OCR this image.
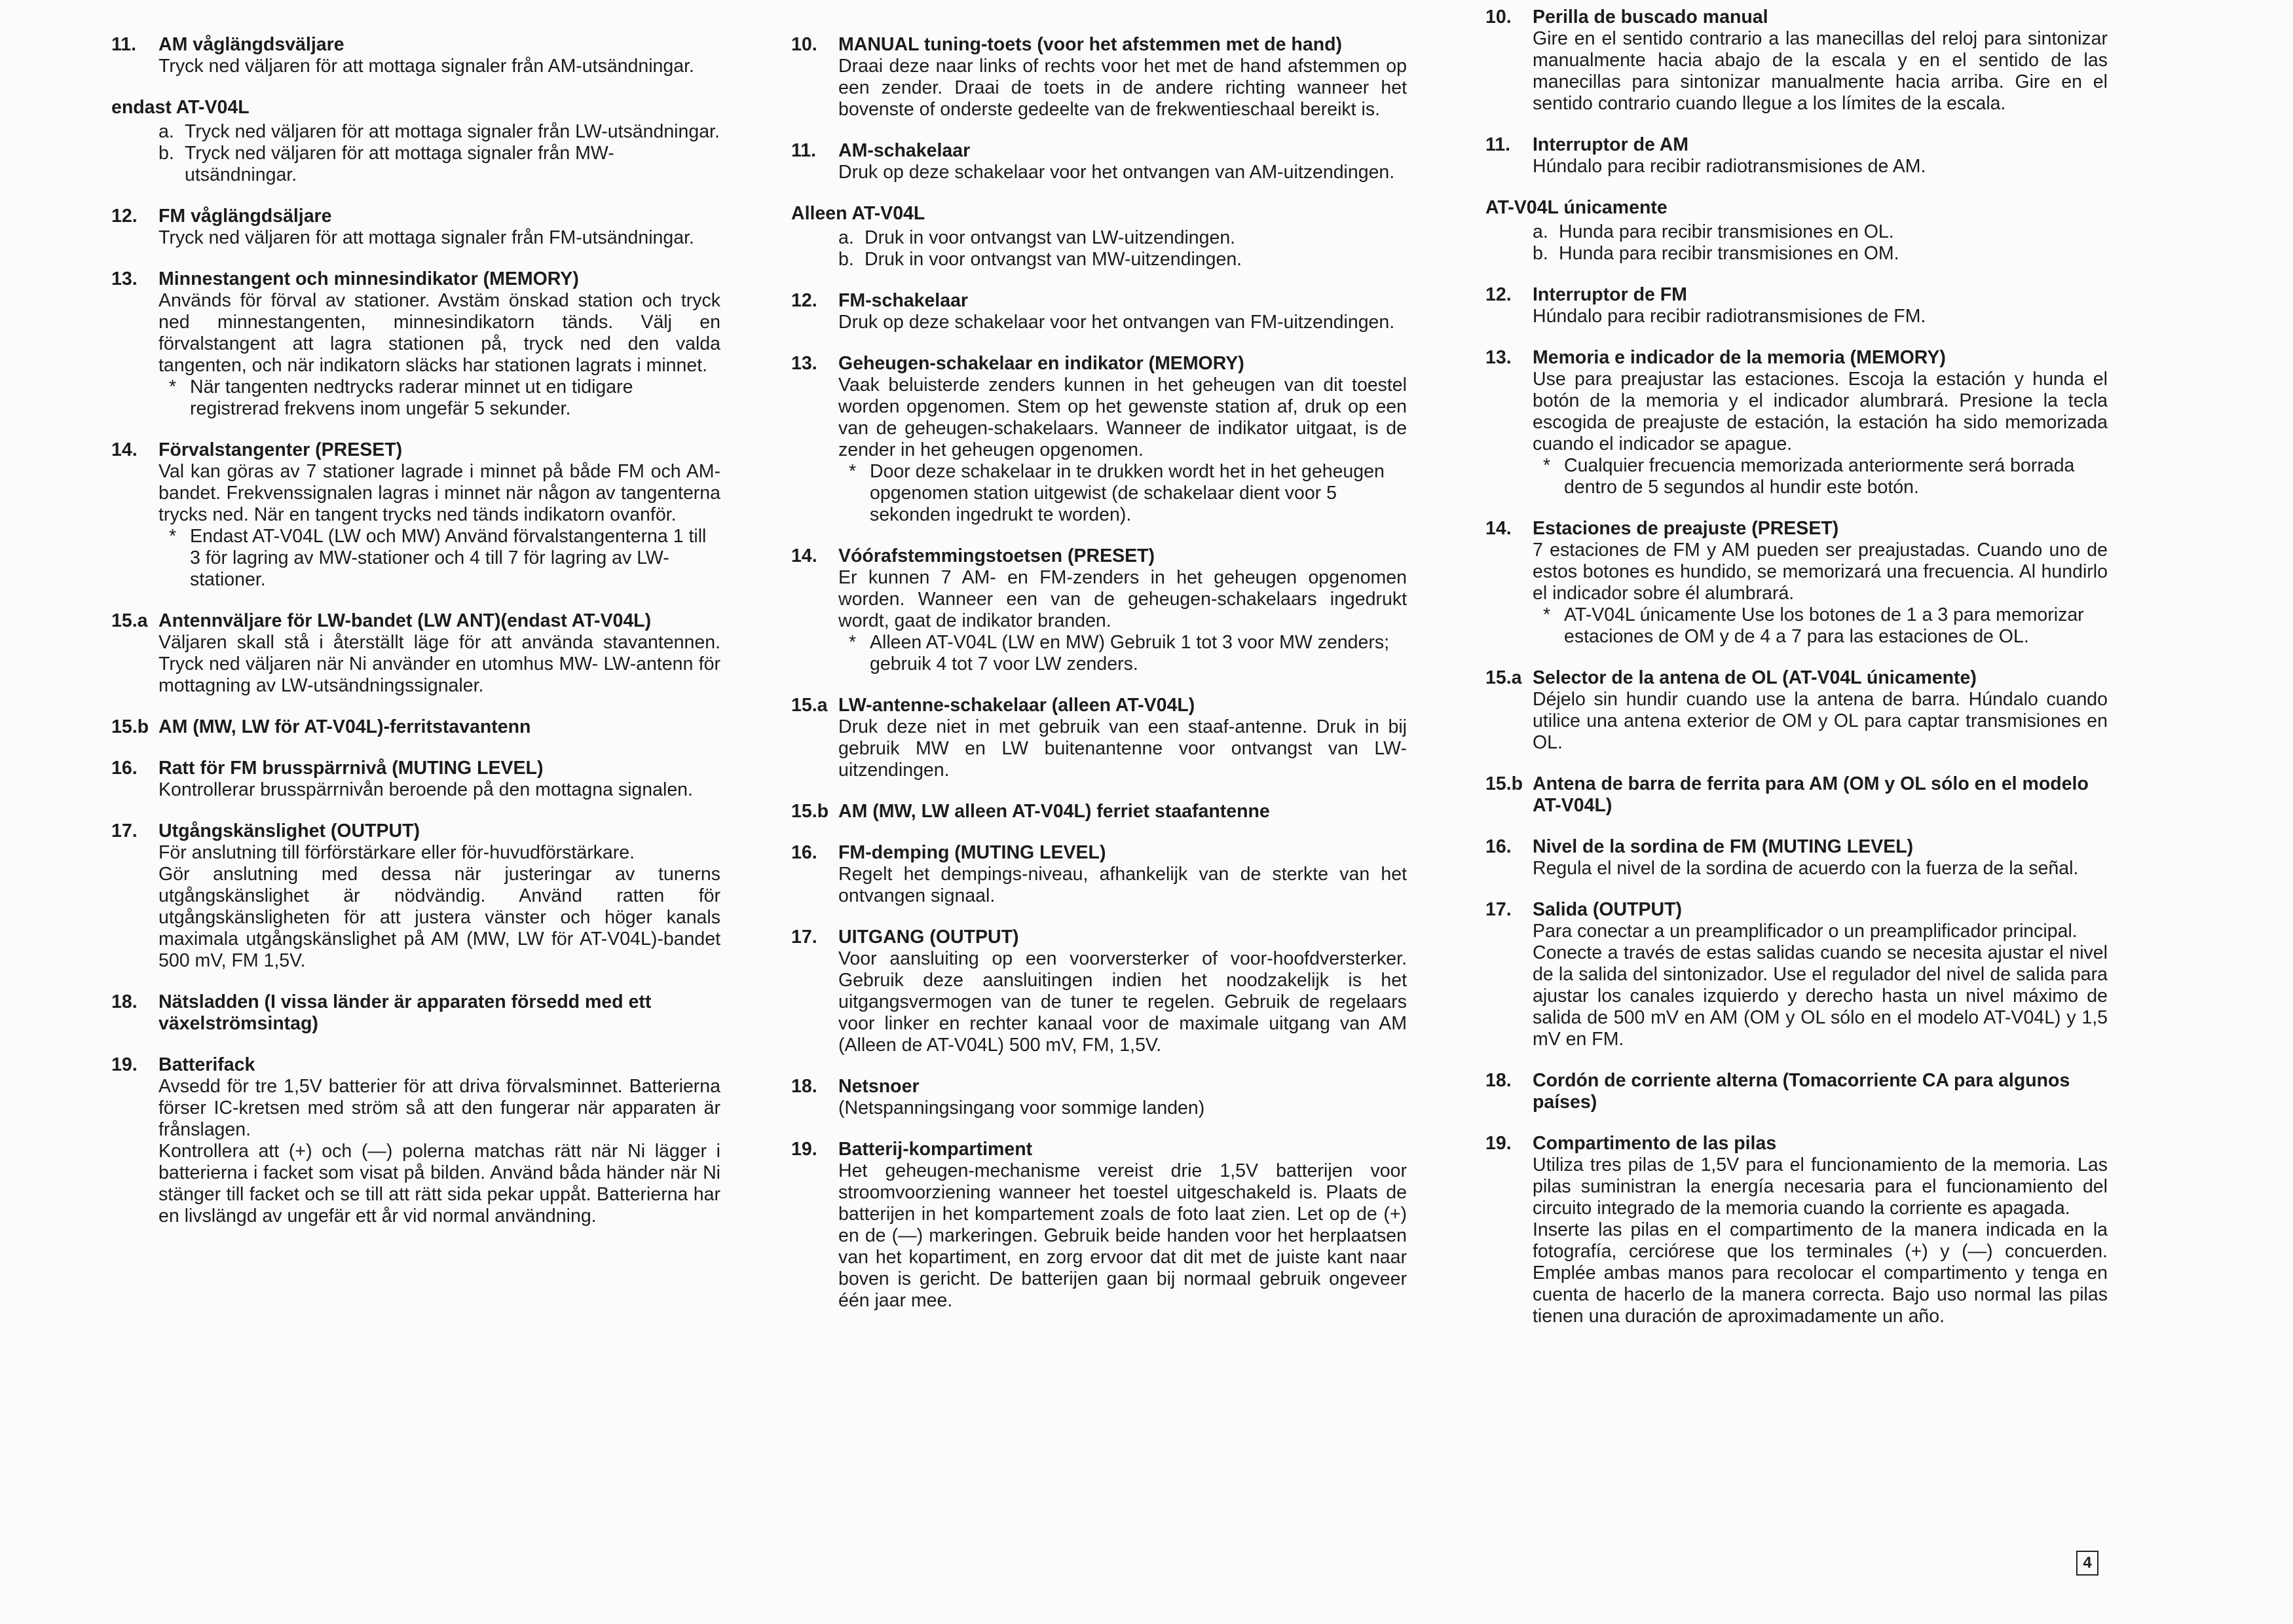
11.	AM våglängdsväljare

Tryck ned väljaren för att mottaga signaler från AM-utsändningar.

endast AT-V04L
a. Tryck ned väljaren för att mottaga signaler från LW-utsändningar.
b. Tryck ned väljaren för att mottaga signaler från MW-utsändningar.
12.	FM våglängdsäljare

Tryck ned väljaren för att mottaga signaler från FM-utsändningar.

13.	Minnestangent och minnesindikator (MEMORY)

Används för förval av stationer. Avstäm önskad station och tryck ned minnestangenten, minnesindikatorn tänds. Välj en förvalstangent att lagra stationen på, tryck ned den valda tangenten, och när indikatorn släcks har stationen lagrats i minnet.

* När tangenten nedtrycks raderar minnet ut en tidigare registrerad frekvens inom ungefär 5 sekunder.
14.	Förvalstangenter (PRESET)

Val kan göras av 7 stationer lagrade i minnet på både FM och AM-bandet. Frekvenssignalen lagras i minnet när någon av tangenterna trycks ned. När en tangent trycks ned tänds indikatorn ovanför.

* Endast AT-V04L (LW och MW) Använd förvalstangenterna 1 till 3 för lagring av MW-stationer och 4 till 7 för lagring av LW-stationer.
15.a Antennväljare för LW-bandet (LW ANT)(endast AT-V04L)

Väljaren skall stå i återställt läge för att använda stavantennen. Tryck ned väljaren när Ni använder en utomhus MW- LW-antenn för mottagning av LW-utsändningssignaler.

15.b AM (MW, LW för AT-V04L)-ferritstavantenn
16.	Ratt för FM brusspärrnivå (MUTING LEVEL)

Kontrollerar brusspärrnivån beroende på den mottagna signalen.

17.	Utgångskänslighet (OUTPUT)

För anslutning till förförstärkare eller för-huvudförstärkare.

Gör anslutning med dessa när justeringar av tunerns utgångskänslighet är nödvändig. Använd ratten för utgångskänsligheten för att justera vänster och höger kanals maximala utgångskänslighet på AM (MW, LW för AT-V04L)-bandet 500 mV, FM 1,5V.

18.	Nätsladden (I vissa länder är apparaten försedd med ett växelströmsintag)
19.	Batterifack

Avsedd för tre 1,5V batterier för att driva förvalsminnet. Batterierna förser IC-kretsen med ström så att den fungerar när apparaten är frånslagen.

Kontrollera att (+) och (—) polerna matchas rätt när Ni lägger i batterierna i facket som visat på bilden. Använd båda händer när Ni stänger till facket och se till att rätt sida pekar uppåt. Batterierna har en livslängd av ungefär ett år vid normal användning.

10.	MANUAL tuning-toets (voor het afstemmen met de hand)

Draai deze naar links of rechts voor het met de hand afstemmen op een zender. Draai de toets in de andere richting wanneer het bovenste of onderste gedeelte van de frekwentieschaal bereikt is.

11.	AM-schakelaar

Druk op deze schakelaar voor het ontvangen van AM-uitzendingen.

Alleen AT-V04L
a. Druk in voor ontvangst van LW-uitzendingen.
b. Druk in voor ontvangst van MW-uitzendingen.
12.	FM-schakelaar

Druk op deze schakelaar voor het ontvangen van FM-uitzendingen.

13.	Geheugen-schakelaar en indikator (MEMORY)

Vaak beluisterde zenders kunnen in het geheugen van dit toestel worden opgenomen. Stem op het gewenste station af, druk op een van de geheugen-schakelaars. Wanneer de indikator uitgaat, is de zender in het geheugen opgenomen.

* Door deze schakelaar in te drukken wordt het in het geheugen opgenomen station uitgewist (de schakelaar dient voor 5 sekonden ingedrukt te worden).
14.	Vóórafstemmingstoetsen (PRESET)

Er kunnen 7 AM- en FM-zenders in het geheugen opgenomen worden. Wanneer een van de geheugen-schakelaars ingedrukt wordt, gaat de indikator branden.

* Alleen AT-V04L (LW en MW) Gebruik 1 tot 3 voor MW zenders; gebruik 4 tot 7 voor LW zenders.
15.a LW-antenne-schakelaar (alleen AT-V04L)

Druk deze niet in met gebruik van een staaf-antenne. Druk in bij gebruik MW en LW buitenantenne voor ontvangst van LW-uitzendingen.

15.b AM (MW, LW alleen AT-V04L) ferriet staafantenne
16.	FM-demping (MUTING LEVEL)

Regelt het dempings-niveau, afhankelijk van de sterkte van het ontvangen signaal.

17.	UITGANG (OUTPUT)

Voor aansluiting op een voorversterker of voor-hoofdversterker. Gebruik deze aansluitingen indien het noodzakelijk is het uitgangsvermogen van de tuner te regelen. Gebruik de regelaars voor linker en rechter kanaal voor de maximale uitgang van AM (Alleen de AT-V04L) 500 mV, FM, 1,5V.

18.	Netsnoer

(Netspanningsingang voor sommige landen)

19.	Batterij-kompartiment

Het geheugen-mechanisme vereist drie 1,5V batterijen voor stroomvoorziening wanneer het toestel uitgeschakeld is. Plaats de batterijen in het kompartement zoals de foto laat zien. Let op de (+) en de (—) markeringen. Gebruik beide handen voor het herplaatsen van het kopartiment, en zorg ervoor dat dit met de juiste kant naar boven is gericht. De batterijen gaan bij normaal gebruik ongeveer één jaar mee.

10.	Perilla de buscado manual

Gire en el sentido contrario a las manecillas del reloj para sintonizar manualmente hacia abajo de la escala y en el sentido de las manecillas para sintonizar manualmente hacia arriba. Gire en el sentido contrario cuando llegue a los límites de la escala.

11.	Interruptor de AM

Húndalo para recibir radiotransmisiones de AM.

AT-V04L únicamente
a. Hunda para recibir transmisiones en OL.
b. Hunda para recibir transmisiones en OM.
12.	Interruptor de FM

Húndalo para recibir radiotransmisiones de FM.

13.	Memoria e indicador de la memoria (MEMORY)

Use para preajustar las estaciones. Escoja la estación y hunda el botón de la memoria y el indicador alumbrará. Presione la tecla escogida de preajuste de estación, la estación ha sido memorizada cuando el indicador se apague.

* Cualquier frecuencia memorizada anteriormente será borrada dentro de 5 segundos al hundir este botón.
14.	Estaciones de preajuste (PRESET)

7 estaciones de FM y AM pueden ser preajustadas. Cuando uno de estos botones es hundido, se memorizará una frecuencia. Al hundirlo el indicador sobre él alumbrará.

* AT-V04L únicamente Use los botones de 1 a 3 para memorizar estaciones de OM y de 4 a 7 para las estaciones de OL.
15.a Selector de la antena de OL (AT-V04L únicamente)

Déjelo sin hundir cuando use la antena de barra. Húndalo cuando utilice una antena exterior de OM y OL para captar transmisiones en OL.

15.b Antena de barra de ferrita para AM (OM y OL sólo en el modelo AT-V04L)
16.	Nivel de la sordina de FM (MUTING LEVEL)

Regula el nivel de la sordina de acuerdo con la fuerza de la señal.

17.	Salida (OUTPUT)

Para conectar a un preamplificador o un preamplificador principal.

Conecte a través de estas salidas cuando se necesita ajustar el nivel de la salida del sintonizador. Use el regulador del nivel de salida para ajustar los canales izquierdo y derecho hasta un nivel máximo de salida de 500 mV en AM (OM y OL sólo en el modelo AT-V04L) y 1,5 mV en FM.

18.	Cordón de corriente alterna (Tomacorriente CA para algunos países)
19.	Compartimento de las pilas

Utiliza tres pilas de 1,5V para el funcionamiento de la memoria. Las pilas suministran la energía necesaria para el funcionamiento del circuito integrado de la memoria cuando la corriente es apagada.

Inserte las pilas en el compartimento de la manera indicada en la fotografía, cerciórese que los terminales (+) y (—) concuerden. Emplée ambas manos para recolocar el compartimento y tenga en cuenta de hacerlo de la manera correcta. Bajo uso normal las pilas tienen una duración de aproximadamente un año.

4
